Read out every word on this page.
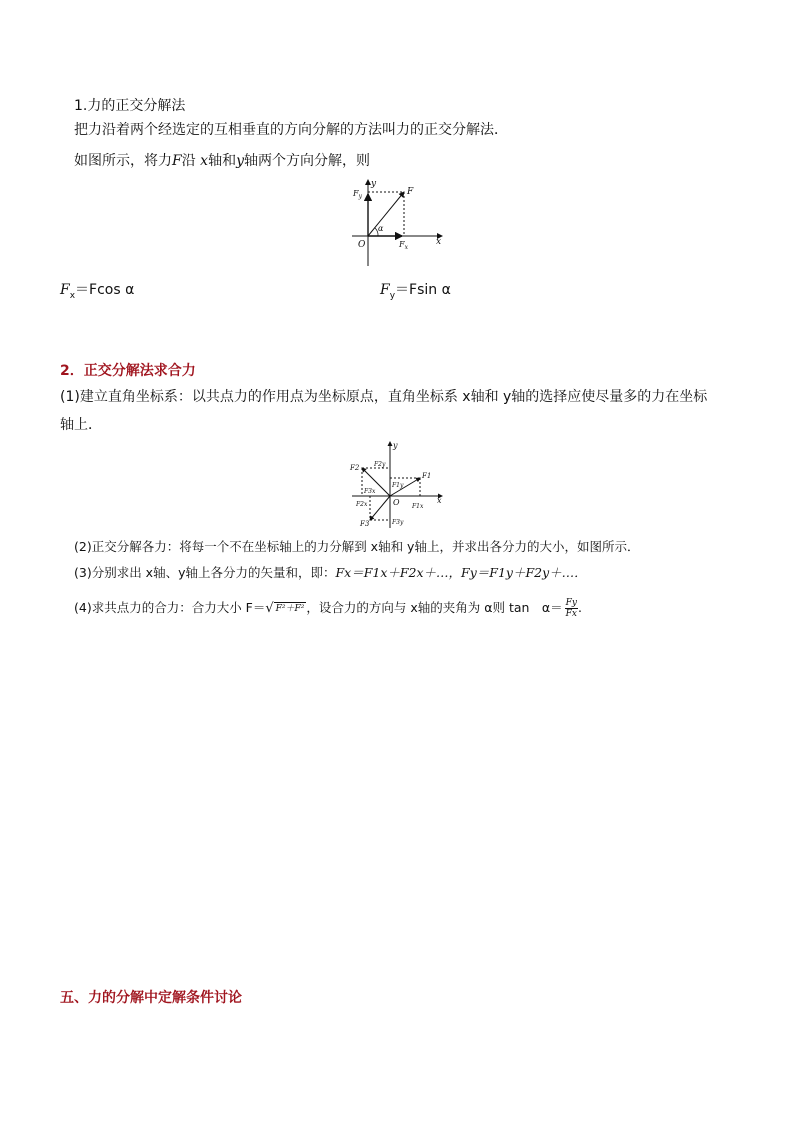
1.力的正交分解法
把力沿着两个经选定的互相垂直的方向分解的方法叫力的正交分解法．
如图所示，将力F沿 x轴和y轴两个方向分解，则
y
x
O
F
$F_y$
$F_x$
α
$F_x=Fcos$ α	$F_y=Fsin$ α
2．正交分解法求合力
(1)建立直角坐标系：以共点力的作用点为坐标原点，直角坐标系 x轴和 y轴的选择应使尽量多的力在坐标
轴上．
y
x
O
F1
F2
F3
F1x
F1y
F2x
F2y
F3x
F3y
(2)正交分解各力：将每一个不在坐标轴上的力分解到 x轴和 y轴上，并求出各分力的大小，如图所示．
(3)分别求出 x轴、y轴上各分力的矢量和，即：Fx＝F1x＋F2x＋…，Fy＝F1y＋F2y＋…．
(4)求共点力的合力：合力大小 F＝√ F²＋F² ，设合力的方向与 x轴的夹角为 α则 tan　$\alpha= \frac{Fy}{Fx}$ .
五、力的分解中定解条件讨论
